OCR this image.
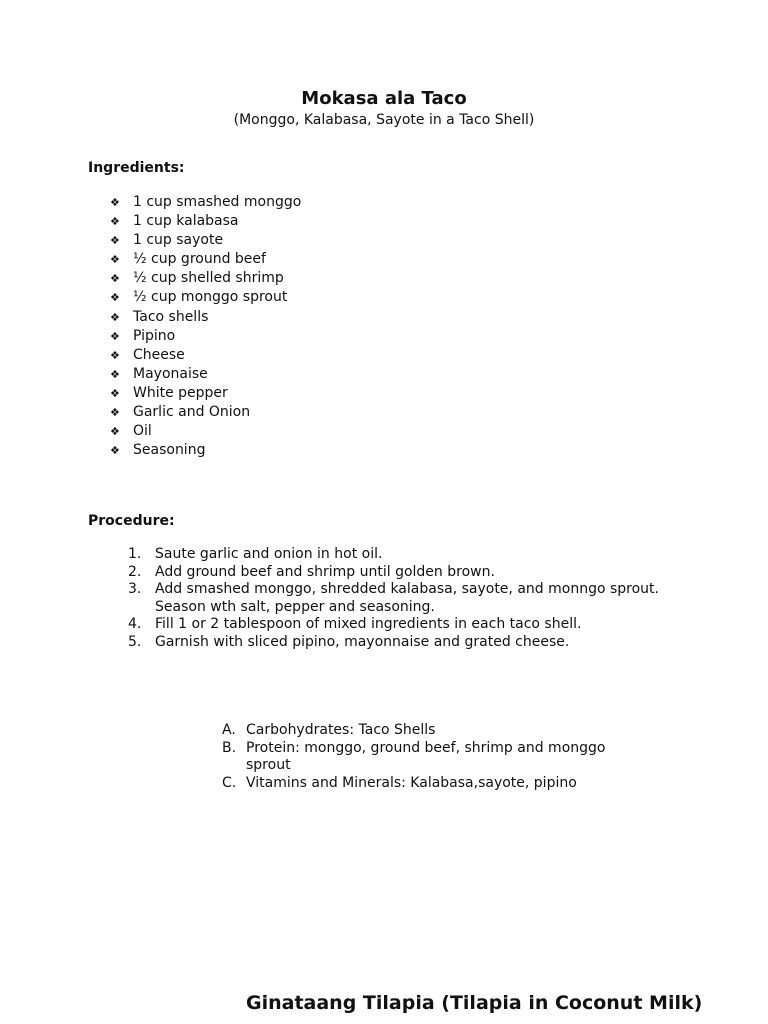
Mokasa ala Taco
(Monggo, Kalabasa, Sayote in a Taco Shell)
Ingredients:
❖ 1 cup smashed monggo
❖ 1 cup kalabasa
❖ 1 cup sayote
❖ ½ cup ground beef
❖ ½ cup shelled shrimp
❖ ½ cup monggo sprout
❖ Taco shells
❖ Pipino
❖ Cheese
❖ Mayonaise
❖ White pepper
❖ Garlic and Onion
❖ Oil
❖ Seasoning
Procedure:
1. Saute garlic and onion in hot oil.
2. Add ground beef and shrimp until golden brown.
3. Add smashed monggo, shredded kalabasa, sayote, and monngo sprout. Season wth salt, pepper and seasoning.
4. Fill 1 or 2 tablespoon of mixed ingredients in each taco shell.
5. Garnish with sliced pipino, mayonnaise and grated cheese.
A. Carbohydrates: Taco Shells
B. Protein: monggo, ground beef, shrimp and monggo sprout
C. Vitamins and Minerals: Kalabasa,sayote, pipino
Ginataang Tilapia (Tilapia in Coconut Milk)
